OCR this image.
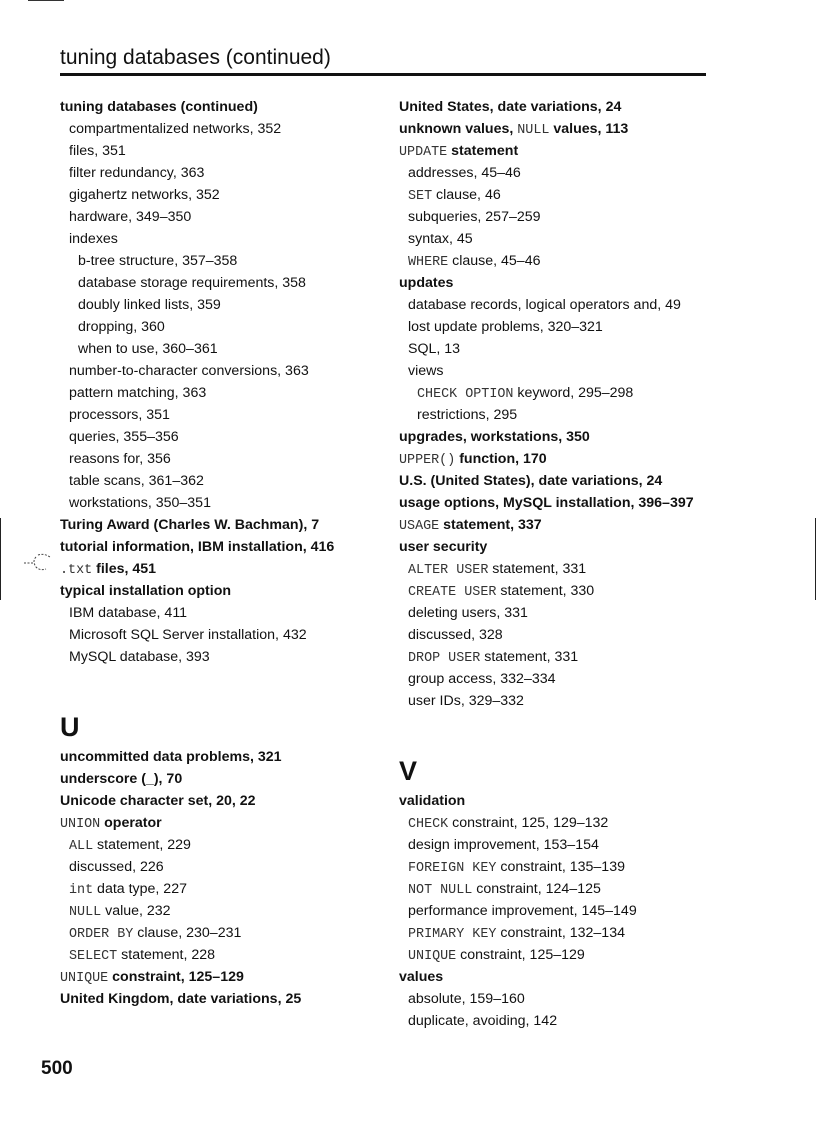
tuning databases (continued)
tuning databases (continued)
compartmentalized networks, 352
files, 351
filter redundancy, 363
gigahertz networks, 352
hardware, 349–350
indexes
b-tree structure, 357–358
database storage requirements, 358
doubly linked lists, 359
dropping, 360
when to use, 360–361
number-to-character conversions, 363
pattern matching, 363
processors, 351
queries, 355–356
reasons for, 356
table scans, 361–362
workstations, 350–351
Turing Award (Charles W. Bachman), 7
tutorial information, IBM installation, 416
.txt files, 451
typical installation option
IBM database, 411
Microsoft SQL Server installation, 432
MySQL database, 393
U
uncommitted data problems, 321
underscore (_), 70
Unicode character set, 20, 22
UNION operator
ALL statement, 229
discussed, 226
int data type, 227
NULL value, 232
ORDER BY clause, 230–231
SELECT statement, 228
UNIQUE constraint, 125–129
United Kingdom, date variations, 25
United States, date variations, 24
unknown values, NULL values, 113
UPDATE statement
addresses, 45–46
SET clause, 46
subqueries, 257–259
syntax, 45
WHERE clause, 45–46
updates
database records, logical operators and, 49
lost update problems, 320–321
SQL, 13
views
CHECK OPTION keyword, 295–298
restrictions, 295
upgrades, workstations, 350
UPPER() function, 170
U.S. (United States), date variations, 24
usage options, MySQL installation, 396–397
USAGE statement, 337
user security
ALTER USER statement, 331
CREATE USER statement, 330
deleting users, 331
discussed, 328
DROP USER statement, 331
group access, 332–334
user IDs, 329–332
V
validation
CHECK constraint, 125, 129–132
design improvement, 153–154
FOREIGN KEY constraint, 135–139
NOT NULL constraint, 124–125
performance improvement, 145–149
PRIMARY KEY constraint, 132–134
UNIQUE constraint, 125–129
values
absolute, 159–160
duplicate, avoiding, 142
500
